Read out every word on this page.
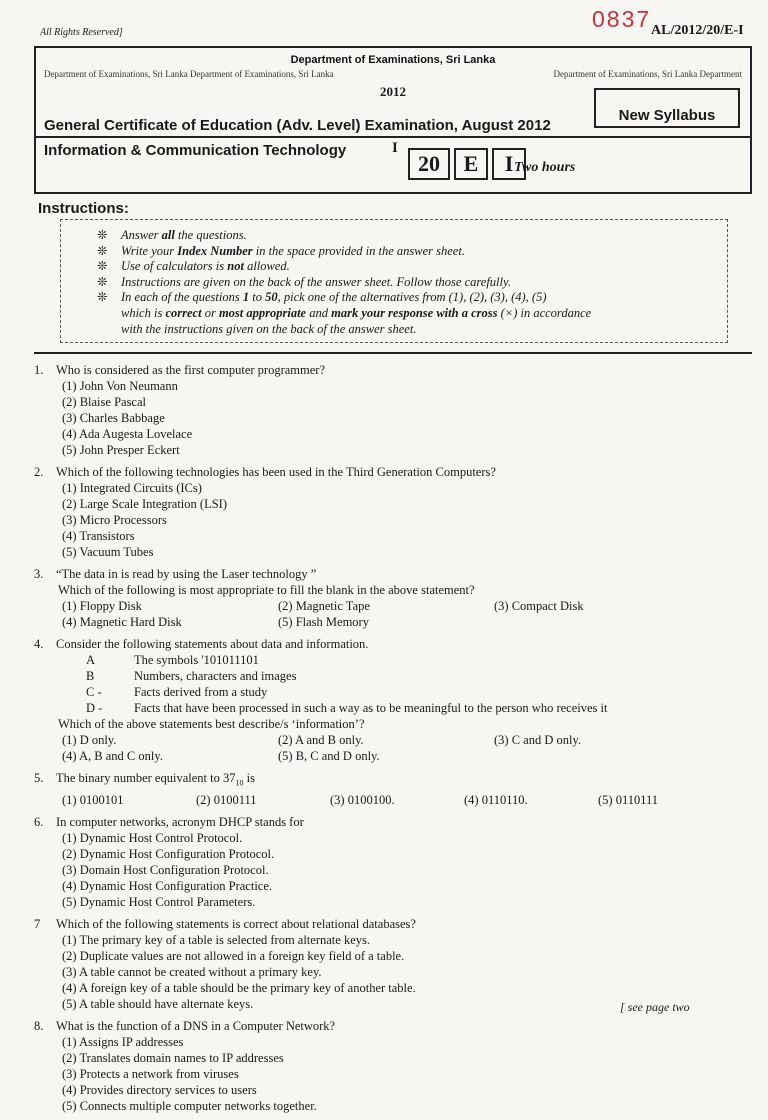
All Rights Reserved]
0837 AL/2012/20/E-I
Department of Examinations, Sri Lanka
Department of Examinations, Sri Lanka Department of Examinations, Sri Lanka	Department of Examinations, Sri Lanka Department
2012
General Certificate of Education (Adv. Level) Examination, August 2012
New Syllabus
Information & Communication Technology	I
20	E	I Two hours
Instructions:
❊ Answer all the questions.
❊ Write your Index Number in the space provided in the answer sheet.
❊ Use of calculators is not allowed.
❊ Instructions are given on the back of the answer sheet. Follow those carefully.
❊ In each of the questions 1 to 50, pick one of the alternatives from (1), (2), (3), (4), (5)
which is correct or most appropriate and mark your response with a cross (×) in accordance
with the instructions given on the back of the answer sheet.
1. Who is considered as the first computer programmer?
(1) John Von Neumann
(2) Blaise Pascal
(3) Charles Babbage
(4) Ada Augesta Lovelace
(5) John Presper Eckert
2. Which of the following technologies has been used in the Third Generation Computers?
(1) Integrated Circuits (ICs)
(2) Large Scale Integration (LSI)
(3) Micro Processors
(4) Transistors
(5) Vacuum Tubes
3. “The data in is read by using the Laser technology ”
Which of the following is most appropriate to fill the blank in the above statement?
(1) Floppy Disk	(2) Magnetic Tape	(3) Compact Disk
(4) Magnetic Hard Disk	(5) Flash Memory
4. Consider the following statements about data and information.
A	The symbols '101011101
B	Numbers, characters and images
C -	Facts derived from a study
D -	Facts that have been processed in such a way as to be meaningful to the person who receives it
Which of the above statements best describe/s ‘information’?
(1) D only.	(2) A and B only.	(3) C and D only.
(4) A, B and C only.	(5) B, C and D only.
5. The binary number equivalent to $37_{10}$ is
(1) 0100101	(2) 0100111	(3) 0100100.	(4) 0110110.	(5) 0110111
6. In computer networks, acronym DHCP stands for
(1) Dynamic Host Control Protocol.
(2) Dynamic Host Configuration Protocol.
(3) Domain Host Configuration Protocol.
(4) Dynamic Host Configuration Practice.
(5) Dynamic Host Control Parameters.
7 Which of the following statements is correct about relational databases?
(1) The primary key of a table is selected from alternate keys.
(2) Duplicate values are not allowed in a foreign key field of a table.
(3) A table cannot be created without a primary key.
(4) A foreign key of a table should be the primary key of another table.
(5) A table should have alternate keys.
8. What is the function of a DNS in a Computer Network?
(1) Assigns IP addresses
(2) Translates domain names to IP addresses
(3) Protects a network from viruses
(4) Provides directory services to users
(5) Connects multiple computer networks together.
[ see page two
